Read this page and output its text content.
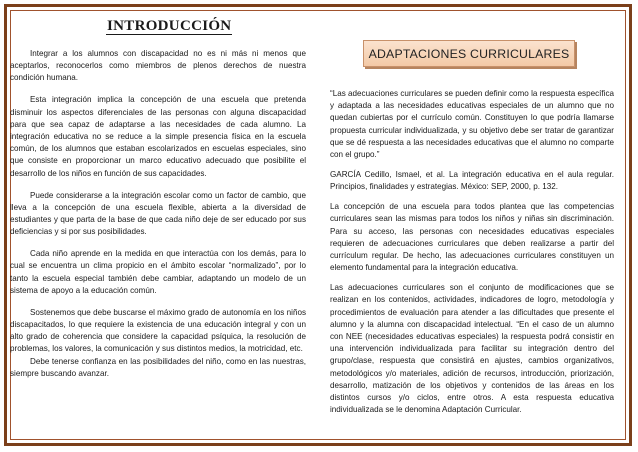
INTRODUCCIÓN

Integrar a los alumnos con discapacidad no es ni más ni menos que aceptarlos, reconocerlos como miembros de plenos derechos de nuestra condición humana.

Esta integración implica la concepción de una escuela que pretenda disminuir los aspectos diferenciales de las personas con alguna discapacidad para que sea capaz de adaptarse a las necesidades de cada alumno. La integración educativa no se reduce a la simple presencia física en la escuela común, de los alumnos que estaban escolarizados en escuelas especiales, sino que consiste en proporcionar un marco educativo adecuado que posibilite el desarrollo de los niños en función de sus capacidades.

Puede considerarse a la integración escolar como un factor de cambio, que lleva a la concepción de una escuela flexible, abierta a la diversidad de estudiantes y que parta de la base de que cada niño deje de ser educado por sus deficiencias y si por sus posibilidades.

Cada niño aprende en la medida en que interactúa con los demás, para lo cual se encuentra un clima propicio en el ámbito escolar “normalizado”, por lo tanto la escuela especial también debe cambiar, adaptando un modelo de un sistema de apoyo a la educación común.

Sostenemos que debe buscarse el máximo grado de autonomía en los niños discapacitados, lo que requiere la existencia de una educación integral y con un alto grado de coherencia que considere la capacidad psíquica, la resolución de problemas, los valores, la comunicación y sus distintos medios, la motricidad, etc.

Debe tenerse confianza en las posibilidades del niño, como en las nuestras, siempre buscando avanzar.

ADAPTACIONES CURRICULARES

“Las adecuaciones curriculares se pueden definir como la respuesta específica y adaptada a las necesidades educativas especiales de un alumno que no quedan cubiertas por el currículo común. Constituyen lo que podría llamarse propuesta curricular individualizada, y su objetivo debe ser tratar de garantizar que se dé respuesta a las necesidades educativas que el alumno no comparte con el grupo.”

GARCÍA Cedillo, Ismael, et al. La integración educativa en el aula regular. Principios, finalidades y estrategias. México: SEP, 2000, p. 132.

La concepción de una escuela para todos plantea que las competencias curriculares sean las mismas para todos los niños y niñas sin discriminación. Para su acceso, las personas con necesidades educativas especiales requieren de adecuaciones curriculares que deben realizarse a partir del currículum regular. De hecho, las adecuaciones curriculares constituyen un elemento fundamental para la integración educativa.

Las adecuaciones curriculares son el conjunto de modificaciones que se realizan en los contenidos, actividades, indicadores de logro, metodología y procedimientos de evaluación para atender a las dificultades que presente el alumno y la alumna con discapacidad intelectual. “En el caso de un alumno con NEE (necesidades educativas especiales) la respuesta podrá consistir en una intervención individualizada para facilitar su integración dentro del grupo/clase, respuesta que consistirá en ajustes, cambios organizativos, metodológicos y/o materiales, adición de recursos, introducción, priorización, desarrollo, matización de los objetivos y contenidos de las áreas en los distintos cursos y/o ciclos, entre otros. A esta respuesta educativa individualizada se le denomina Adaptación Curricular.
